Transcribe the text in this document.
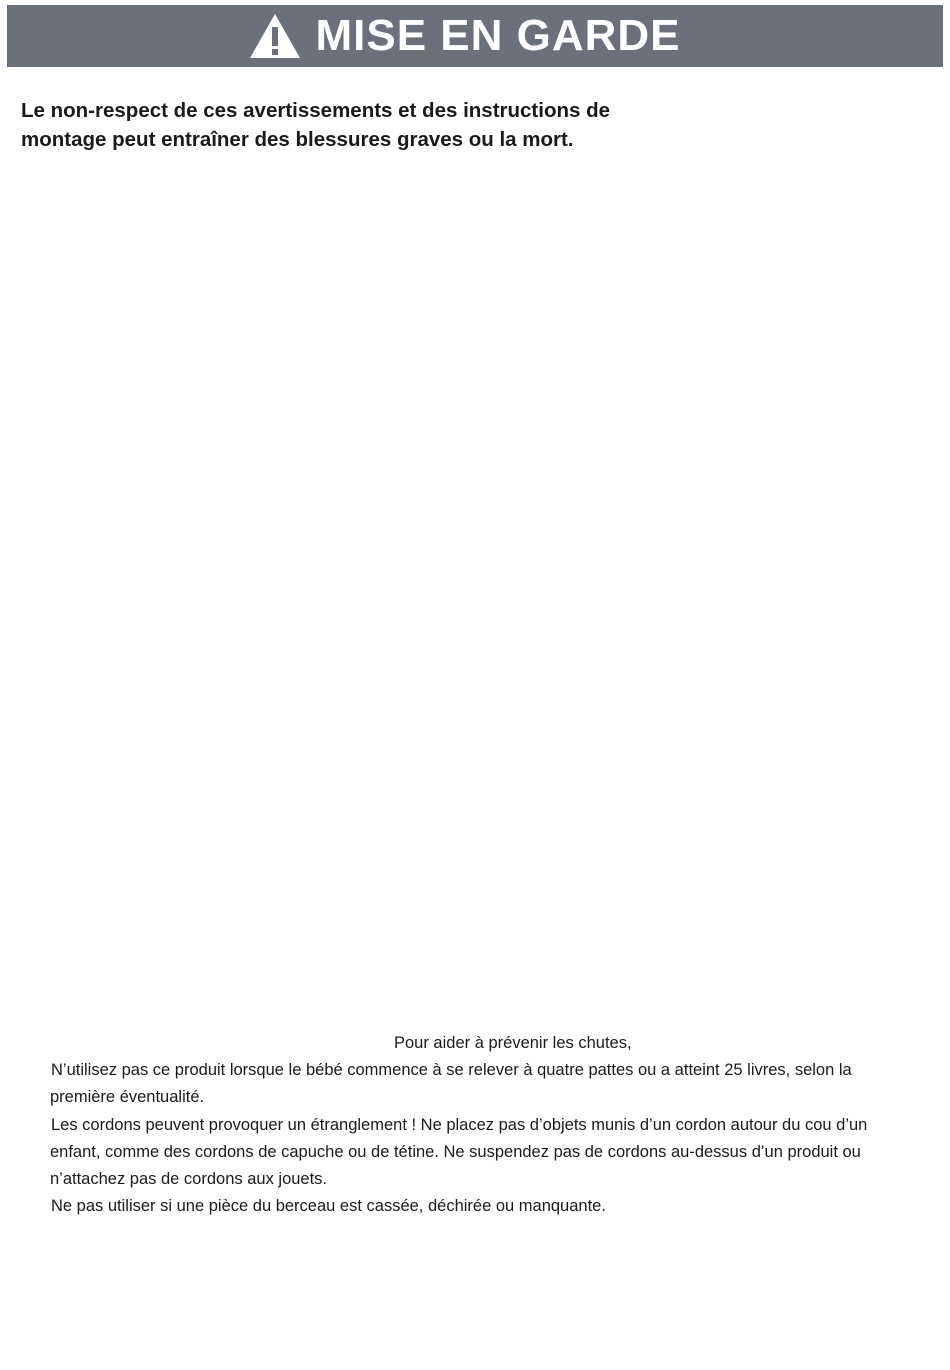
MISE EN GARDE

Le non-respect de ces avertissements et des instructions de montage peut entraîner des blessures graves ou la mort.

Pour aider à prévenir les chutes,

N’utilisez pas ce produit lorsque le bébé commence à se relever à quatre pattes ou a atteint 25 livres, selon la première éventualité.

Les cordons peuvent provoquer un étranglement ! Ne placez pas d’objets munis d’un cordon autour du cou d’un enfant, comme des cordons de capuche ou de tétine. Ne suspendez pas de cordons au-dessus d’un produit ou n’attachez pas de cordons aux jouets.

Ne pas utiliser si une pièce du berceau est cassée, déchirée ou manquante.
